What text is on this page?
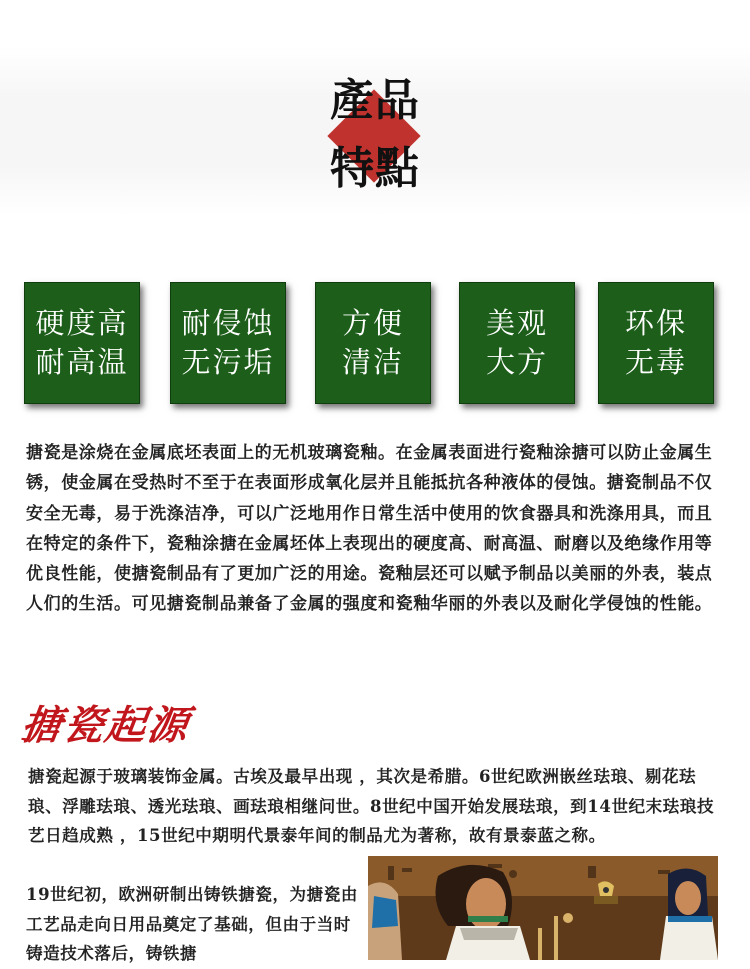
產品
特點
硬度高
耐高温
耐侵蚀
无污垢
方便
清洁
美观
大方
环保
无毒

搪瓷是涂烧在金属底坯表面上的无机玻璃瓷釉。在金属表面进行瓷釉涂搪可以防止金属生锈，使金属在受热时不至于在表面形成氧化层并且能抵抗各种液体的侵蚀。搪瓷制品不仅安全无毒，易于洗涤洁净，可以广泛地用作日常生活中使用的饮食器具和洗涤用具，而且在特定的条件下，瓷釉涂搪在金属坯体上表现出的硬度高、耐高温、耐磨以及绝缘作用等优良性能，使搪瓷制品有了更加广泛的用途。瓷釉层还可以赋予制品以美丽的外表，装点人们的生活。可见搪瓷制品兼备了金属的强度和瓷釉华丽的外表以及耐化学侵蚀的性能。

搪瓷起源

搪瓷起源于玻璃装饰金属。古埃及最早出现 ，其次是希腊。6世纪欧洲嵌丝珐琅、剔花珐琅、浮雕珐琅、透光珐琅、画珐琅相继问世。8世纪中国开始发展珐琅，到14世纪末珐琅技艺日趋成熟 ，15世纪中期明代景泰年间的制品尤为著称，故有景泰蓝之称。

19世纪初，欧洲研制出铸铁搪瓷，为搪瓷由工艺品走向日用品奠定了基础，但由于当时铸造技术落后，铸铁搪
